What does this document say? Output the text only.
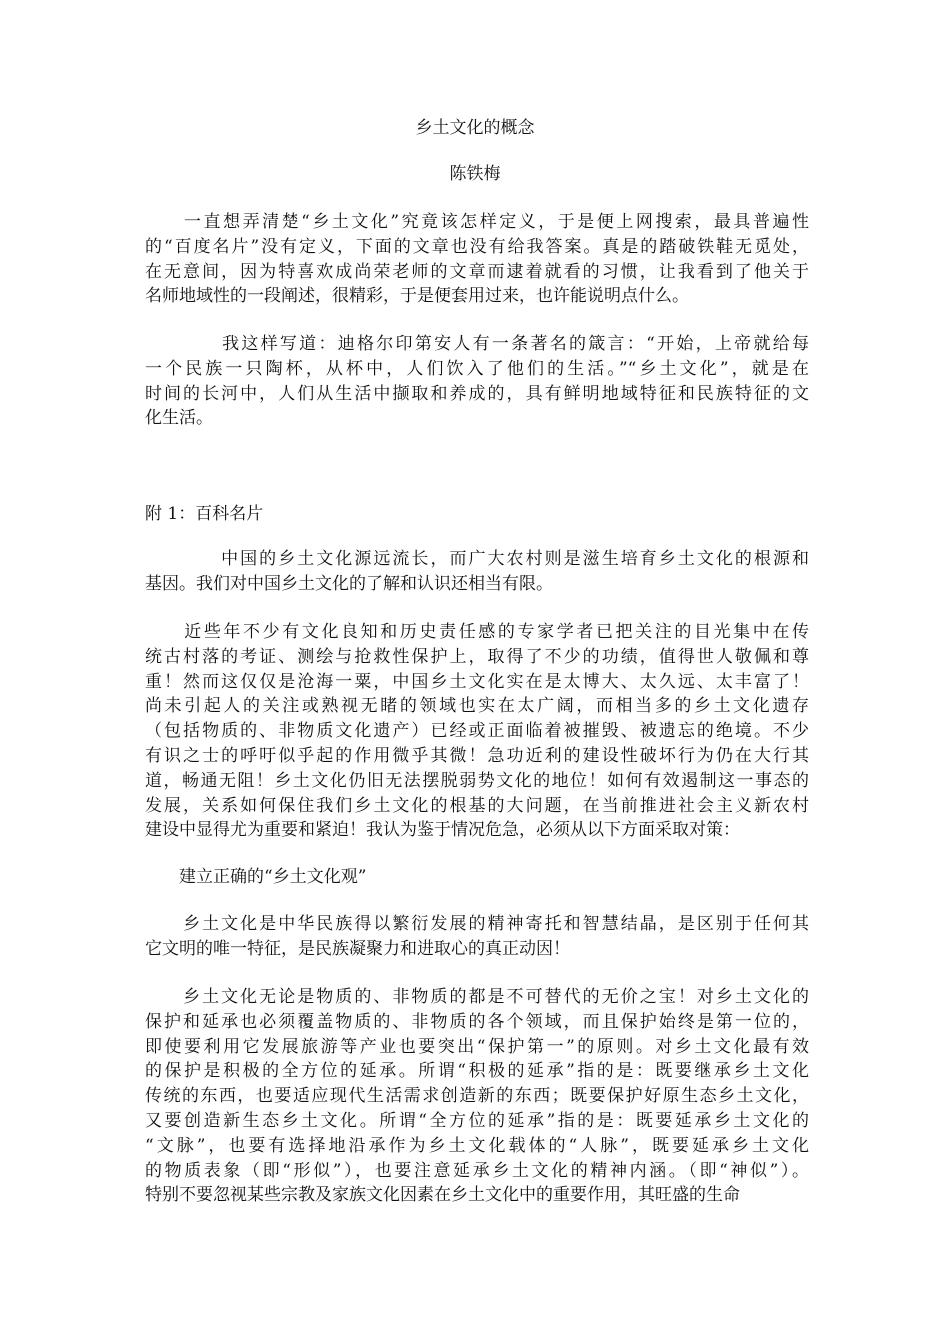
乡土文化的概念
陈铁梅
　　一直想弄清楚“乡土文化”究竟该怎样定义，于是便上网搜索，最具普遍性
的“百度名片”没有定义，下面的文章也没有给我答案。真是的踏破铁鞋无觅处，
在无意间，因为特喜欢成尚荣老师的文章而逮着就看的习惯，让我看到了他关于
名师地域性的一段阐述，很精彩，于是便套用过来，也许能说明点什么。
　　　　我这样写道：迪格尔印第安人有一条著名的箴言：“开始，上帝就给每
一个民族一只陶杯，从杯中，人们饮入了他们的生活。”“乡土文化”，就是在
时间的长河中，人们从生活中撷取和养成的，具有鲜明地域特征和民族特征的文
化生活。
附 1：百科名片
　　　　中国的乡土文化源远流长，而广大农村则是滋生培育乡土文化的根源和
基因。我们对中国乡土文化的了解和认识还相当有限。
　　近些年不少有文化良知和历史责任感的专家学者已把关注的目光集中在传
统古村落的考证、测绘与抢救性保护上，取得了不少的功绩，值得世人敬佩和尊
重！然而这仅仅是沧海一粟，中国乡土文化实在是太博大、太久远、太丰富了！
尚未引起人的关注或熟视无睹的领域也实在太广阔，而相当多的乡土文化遗存
（包括物质的、非物质文化遗产）已经或正面临着被摧毁、被遗忘的绝境。不少
有识之士的呼吁似乎起的作用微乎其微！急功近利的建设性破坏行为仍在大行其
道，畅通无阻！乡土文化仍旧无法摆脱弱势文化的地位！如何有效遏制这一事态的
发展，关系如何保住我们乡土文化的根基的大问题，在当前推进社会主义新农村
建设中显得尤为重要和紧迫！我认为鉴于情况危急，必须从以下方面采取对策：
　　建立正确的“乡土文化观”
　　乡土文化是中华民族得以繁衍发展的精神寄托和智慧结晶，是区别于任何其
它文明的唯一特征，是民族凝聚力和进取心的真正动因！
　　乡土文化无论是物质的、非物质的都是不可替代的无价之宝！对乡土文化的
保护和延承也必须覆盖物质的、非物质的各个领域，而且保护始终是第一位的，
即使要利用它发展旅游等产业也要突出“保护第一”的原则。对乡土文化最有效
的保护是积极的全方位的延承。所谓“积极的延承”指的是：既要继承乡土文化
传统的东西，也要适应现代生活需求创造新的东西；既要保护好原生态乡土文化，
又要创造新生态乡土文化。所谓“全方位的延承”指的是：既要延承乡土文化的
“文脉”，也要有选择地沿承作为乡土文化载体的“人脉”，既要延承乡土文化
的物质表象（即“形似”），也要注意延承乡土文化的精神内涵。（即“神似”）。
特别不要忽视某些宗教及家族文化因素在乡土文化中的重要作用，其旺盛的生命
